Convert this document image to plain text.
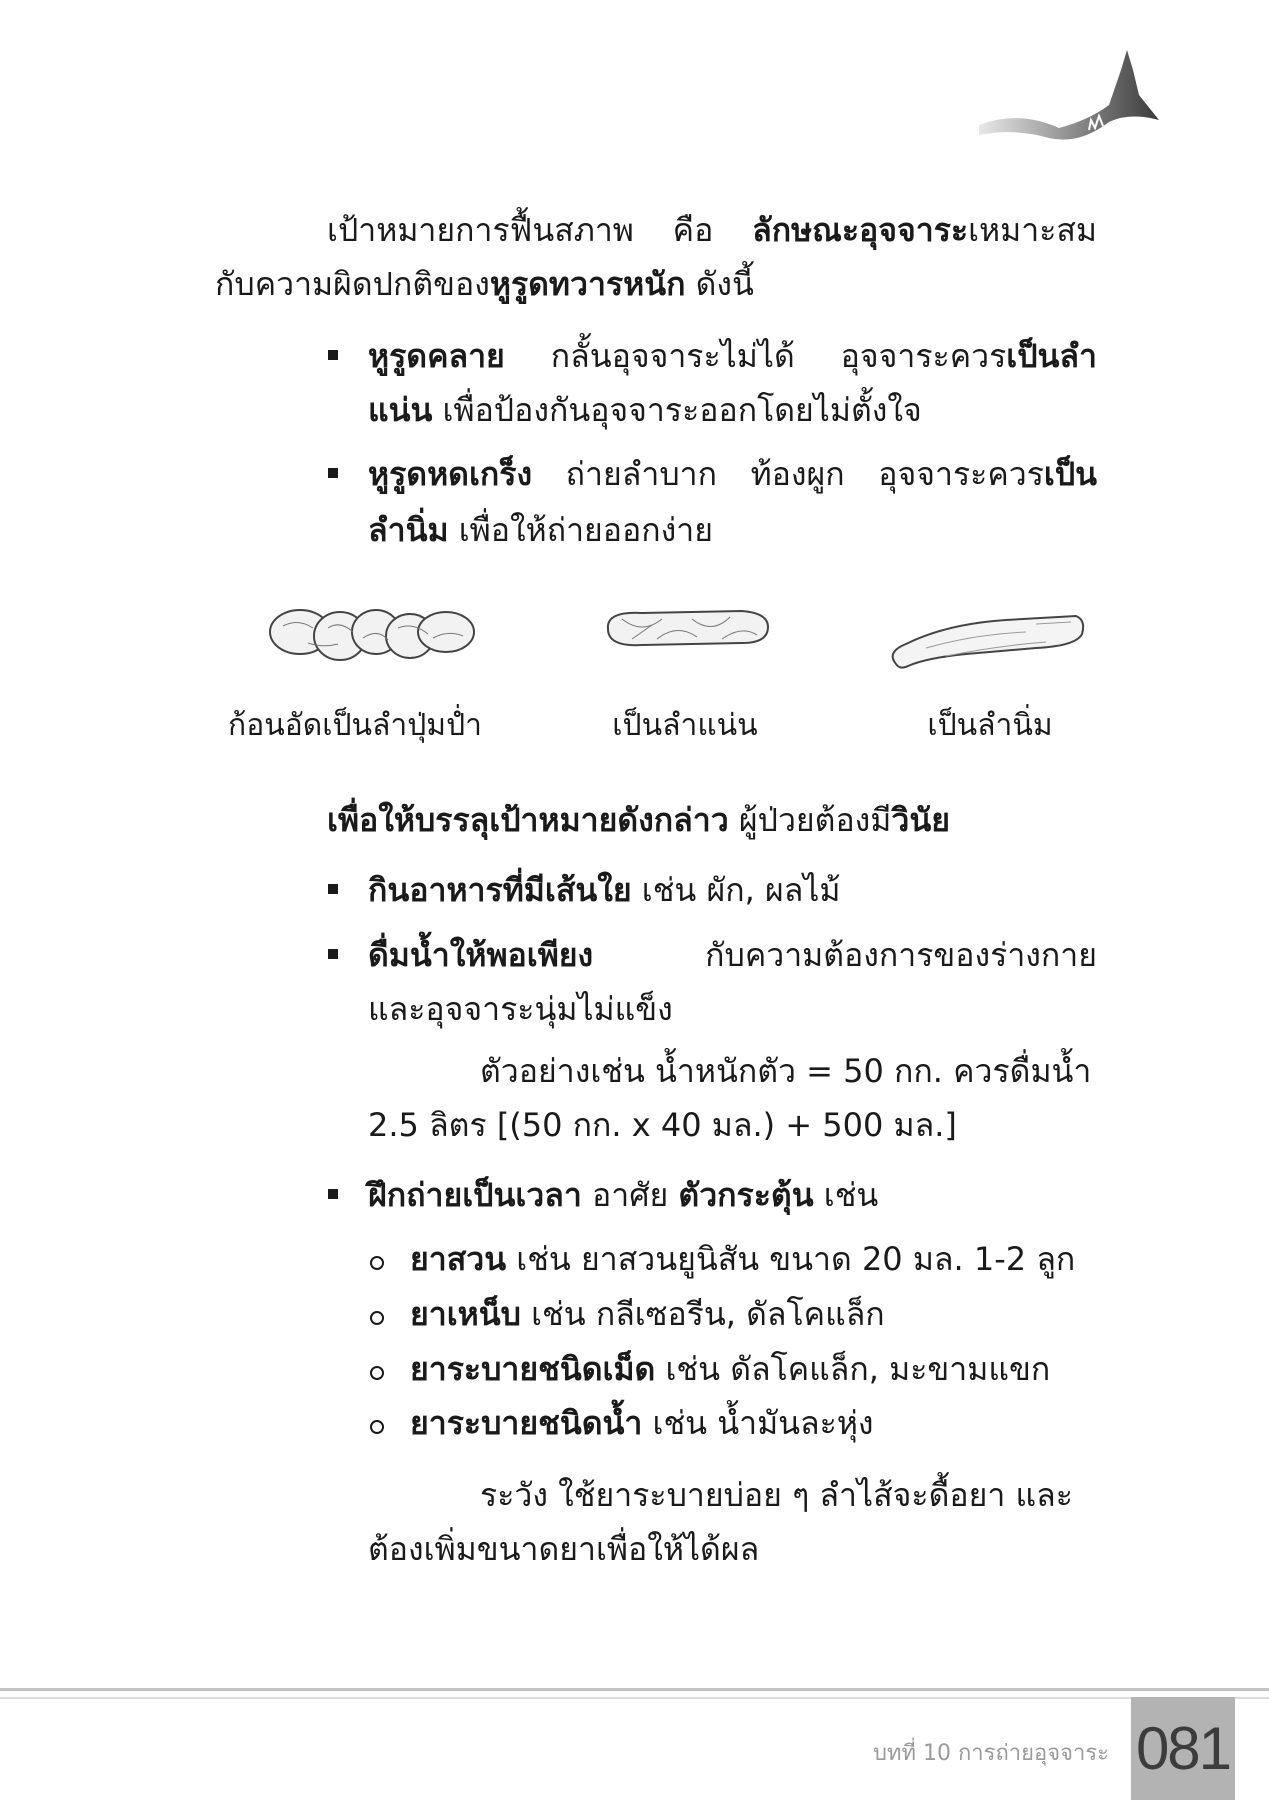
เป้าหมายการฟื้นสภาพ คือ ลักษณะอุจจาระเหมาะสม
กับความผิดปกติของหูรูดทวารหนัก ดังนี้
หูรูดคลาย กลั้นอุจจาระไม่ได้ อุจจาระควรเป็นลำ
แน่น เพื่อป้องกันอุจจาระออกโดยไม่ตั้งใจ
หูรูดหดเกร็ง ถ่ายลำบาก ท้องผูก อุจจาระควรเป็น
ลำนิ่ม เพื่อให้ถ่ายออกง่าย
ก้อนอัดเป็นลำปุ่มป่ำ	เป็นลำแน่น	เป็นลำนิ่ม
เพื่อให้บรรลุเป้าหมายดังกล่าว ผู้ป่วยต้องมีวินัย
กินอาหารที่มีเส้นใย เช่น ผัก, ผลไม้
ดื่มน้ำให้พอเพียง กับความต้องการของร่างกาย
และอุจจาระนุ่มไม่แข็ง
ตัวอย่างเช่น น้ำหนักตัว = 50 กก. ควรดื่มน้ำ
2.5 ลิตร [(50 กก. x 40 มล.) + 500 มล.]
ฝึกถ่ายเป็นเวลา อาศัย ตัวกระตุ้น เช่น
ยาสวน เช่น ยาสวนยูนิสัน ขนาด 20 มล. 1-2 ลูก
ยาเหน็บ เช่น กลีเซอรีน, ดัลโคแล็ก
ยาระบายชนิดเม็ด เช่น ดัลโคแล็ก, มะขามแขก
ยาระบายชนิดน้ำ เช่น น้ำมันละหุ่ง
ระวัง ใช้ยาระบายบ่อย ๆ ลำไส้จะดื้อยา และ
ต้องเพิ่มขนาดยาเพื่อให้ได้ผล
บทที่ 10 การถ่ายอุจจาระ 081
